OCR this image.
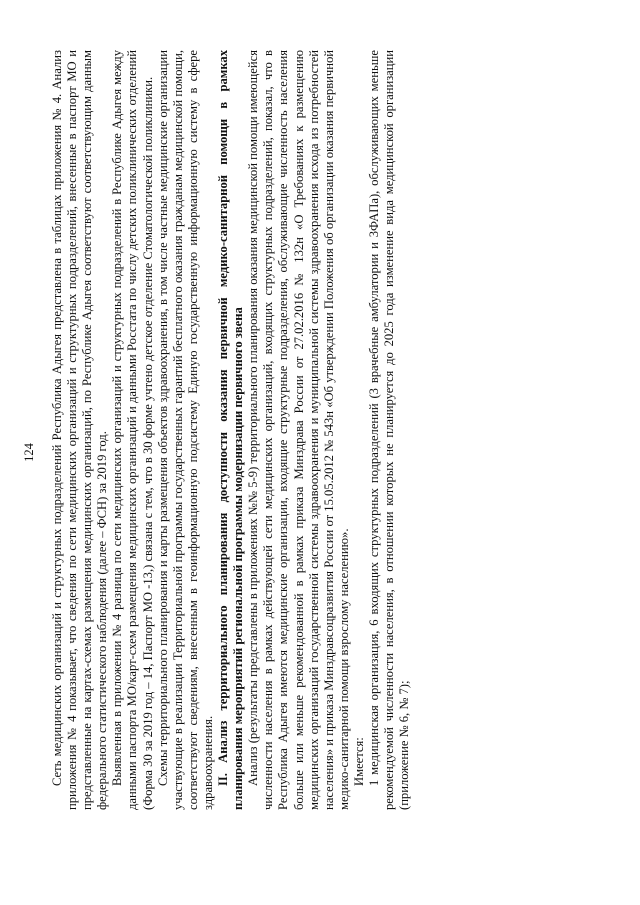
124 Сеть медицинских организаций и структурных подразделений Республика Адыгея представлена в таблицах приложения № 4. Анализ приложения № 4 показывает, что сведения по сети медицинских организаций и структурных подразделений, внесенные в паспорт МО и представленные на картах-схемах размещения медицинских организаций, по Республике Адыгея соответствуют соответствующим данным федерального статистического наблюдения (далее – ФСН) за 2019 год. Выявленная в приложении № 4 разница по сети медицинских организаций и структурных подразделений в Республике Адыгея между данными паспорта МО/карт-схем размещения медицинских организаций и данными Росстата по числу детских поликлинических отделений (Форма 30 за 2019 год – 14, Паспорт МО -13,) связана с тем, что в 30 форме учтено детское отделение Стоматологической поликлиники. Схемы территориального планирования и карты размещения объектов здравоохранения, в том числе частные медицинские организации участвующие в реализации Территориальной программы государственных гарантий бесплатного оказания гражданам медицинской помощи, соответствуют сведениям, внесенным в геоинформационную подсистему Единую государственную информационную систему в сфере здравоохранения. II. Анализ территориального планирования доступности оказания первичной медико-санитарной помощи в рамках планирования мероприятий региональной программы модернизации первичного звена Анализ (результаты представлены в приложениях №№ 5-9) территориального планирования оказания медицинской помощи имеющейся численности населения в рамках действующей сети медицинских организаций, входящих структурных подразделений, показал, что в Республика Адыгея имеются медицинские организации, входящие структурные подразделения, обслуживающие численность населения больше или меньше рекомендованной в рамках приказа Минздрава России от 27.02.2016 № 132н «О Требованиях к размещению медицинских организаций государственной системы здравоохранения и муниципальной системы здравоохранения исхода из потребностей населения» и приказа Минздравсоцразвития России от 15.05.2012 № 543н «Об утверждении Положения об организации оказания первичной медико-санитарной помощи взрослому населению». Имеется: 1 медицинская организация, 6 входящих структурных подразделений (3 врачебные амбулатории и 3ФАПа), обслуживающих меньше рекомендуемой численности населения, в отношении которых не планируется до 2025 года изменение вида медицинской организации (приложение № 6, № 7);
